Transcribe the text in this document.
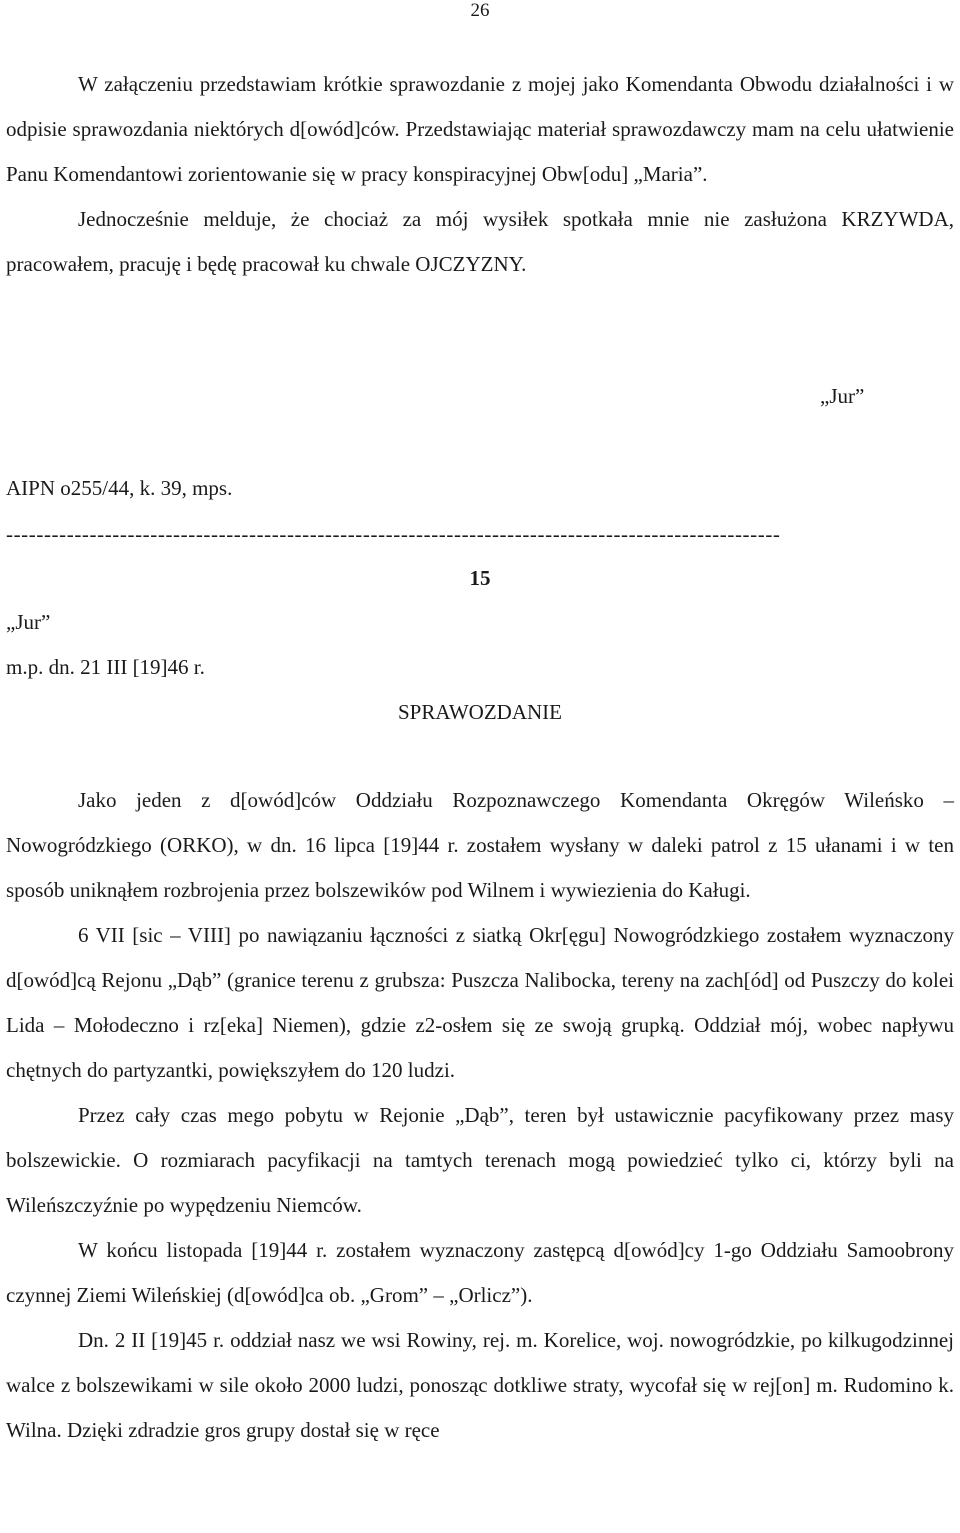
26

W załączeniu przedstawiam krótkie sprawozdanie z mojej jako Komendanta Obwodu działalności i w odpisie sprawozdania niektórych d[owód]ców. Przedstawiając materiał sprawozdawczy mam na celu ułatwienie Panu Komendantowi zorientowanie się w pracy konspiracyjnej Obw[odu] „Maria”.

Jednocześnie melduje, że chociaż za mój wysiłek spotkała mnie nie zasłużona KRZYWDA, pracowałem, pracuję i będę pracował ku chwale OJCZYZNY.

„Jur”
AIPN o255/44, k. 39, mps.
------------------------------------------------------------------------------------------------------
15
„Jur”
m.p. dn. 21 III [19]46 r.
SPRAWOZDANIE

Jako jeden z d[owód]ców Oddziału Rozpoznawczego Komendanta Okręgów Wileńsko – Nowogródzkiego (ORKO), w dn. 16 lipca [19]44 r. zostałem wysłany w daleki patrol z 15 ułanami i w ten sposób uniknąłem rozbrojenia przez bolszewików pod Wilnem i wywiezienia do Kaługi.

6 VII [sic – VIII] po nawiązaniu łączności z siatką Okr[ęgu] Nowogródzkiego zostałem wyznaczony d[owód]cą Rejonu „Dąb” (granice terenu z grubsza: Puszcza Nalibocka, tereny na zach[ód] od Puszczy do kolei Lida – Mołodeczno i rz[eka] Niemen), gdzie z2-osłem się ze swoją grupką. Oddział mój, wobec napływu chętnych do partyzantki, powiększyłem do 120 ludzi.

Przez cały czas mego pobytu w Rejonie „Dąb”, teren był ustawicznie pacyfikowany przez masy bolszewickie. O rozmiarach pacyfikacji na tamtych terenach mogą powiedzieć tylko ci, którzy byli na Wileńszczyźnie po wypędzeniu Niemców.

W końcu listopada [19]44 r. zostałem wyznaczony zastępcą d[owód]cy 1-go Oddziału Samoobrony czynnej Ziemi Wileńskiej (d[owód]ca ob. „Grom” – „Orlicz”).

Dn. 2 II [19]45 r. oddział nasz we wsi Rowiny, rej. m. Korelice, woj. nowogródzkie, po kilkugodzinnej walce z bolszewikami w sile około 2000 ludzi, ponosząc dotkliwe straty, wycofał się w rej[on] m. Rudomino k. Wilna. Dzięki zdradzie gros grupy dostał się w ręce
